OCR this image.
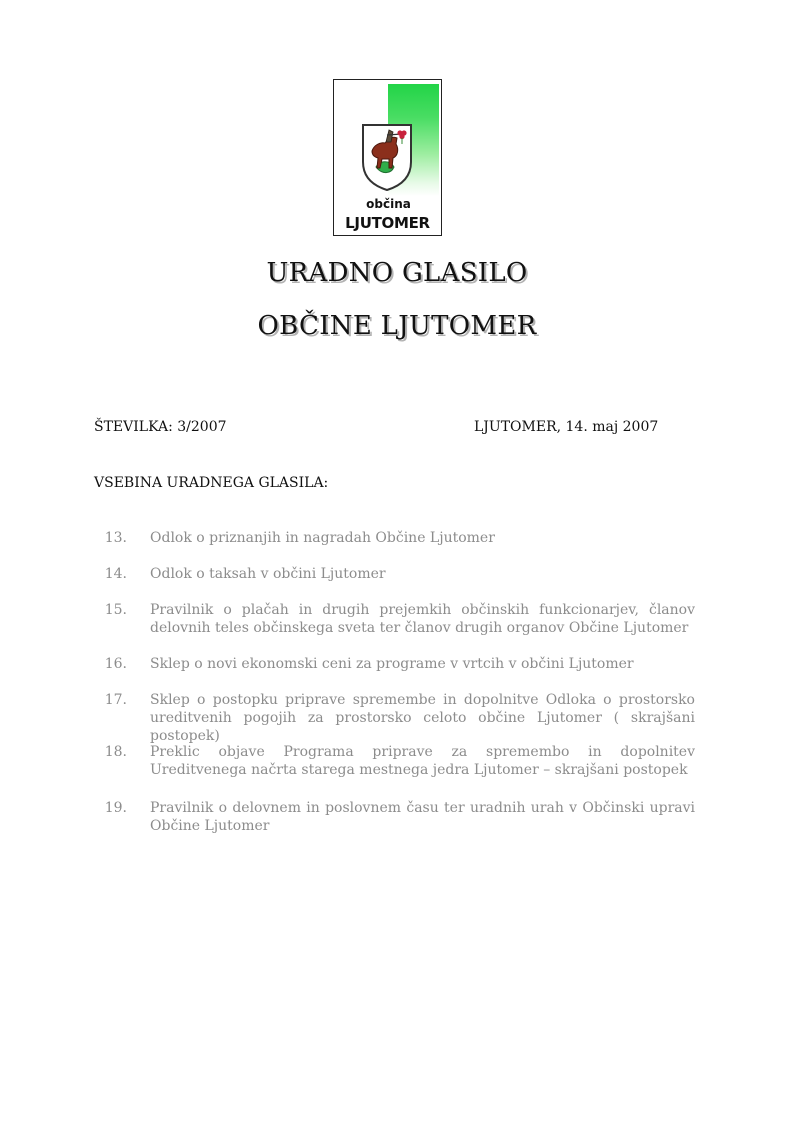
občina
LJUTOMER
URADNO GLASILO
OBČINE LJUTOMER
ŠTEVILKA: 3/2007	LJUTOMER, 14. maj 2007
VSEBINA URADNEGA GLASILA:
13. Odlok o priznanjih in nagradah Občine Ljutomer
14. Odlok o taksah v občini Ljutomer
15. Pravilnik o plačah in drugih prejemkih občinskih funkcionarjev, članov delovnih teles občinskega sveta ter članov drugih organov Občine Ljutomer
16. Sklep o novi ekonomski ceni za programe v vrtcih v občini Ljutomer
17. Sklep o postopku priprave spremembe in dopolnitve Odloka o prostorsko ureditvenih pogojih za prostorsko celoto občine Ljutomer ( skrajšani postopek)
18. Preklic objave Programa priprave za spremembo in dopolnitev Ureditvenega načrta starega mestnega jedra Ljutomer – skrajšani postopek
19. Pravilnik o delovnem in poslovnem času ter uradnih urah v Občinski upravi Občine Ljutomer
